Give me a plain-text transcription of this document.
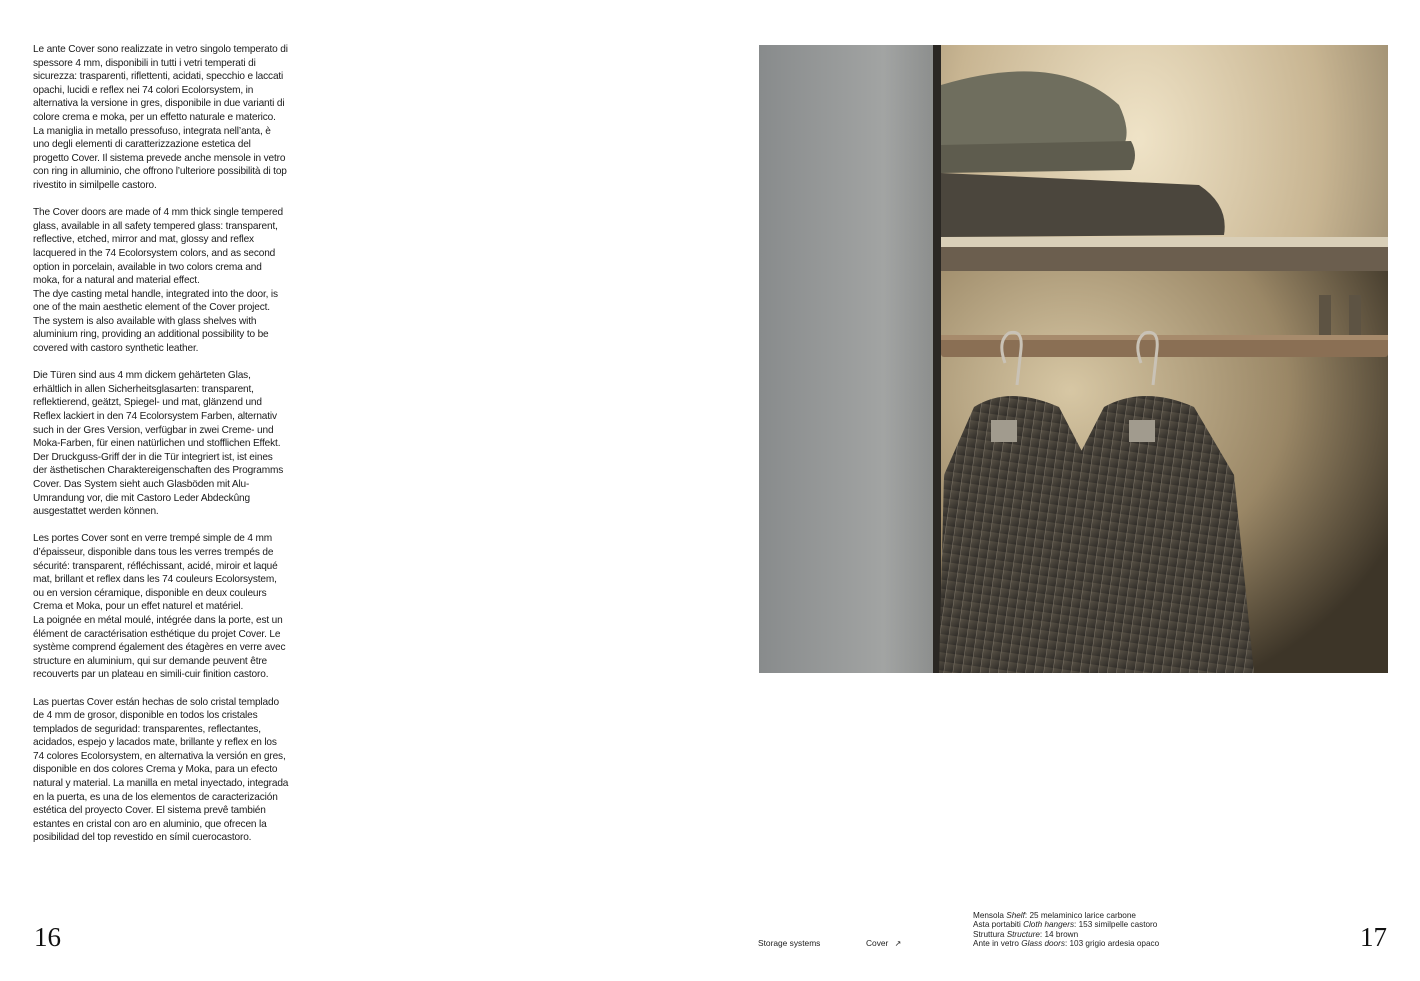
Le ante Cover sono realizzate in vetro singolo temperato di spessore 4 mm, disponibili in tutti i vetri temperati di sicurezza: trasparenti, riflettenti, acidati, specchio e laccati opachi, lucidi e reflex nei 74 colori Ecolorsystem, in alternativa la versione in gres, disponibile in due varianti di colore crema e moka, per un effetto naturale e materico. La maniglia in metallo pressofuso, integrata nell’anta, è uno degli elementi di caratterizzazione estetica del progetto Cover. Il sistema prevede anche mensole in vetro con ring in alluminio, che offrono l’ulteriore possibilità di top rivestito in similpelle castoro.

The Cover doors are made of 4 mm thick single tempered glass, available in all safety tempered glass: transparent, reflective, etched, mirror and mat, glossy and reflex lacquered in the 74 Ecolorsystem colors, and as second option in porcelain, available in two colors crema and moka, for a natural and material effect.
The dye casting metal handle, integrated into the door, is one of the main aesthetic element of the Cover project. The system is also available with glass shelves with aluminium ring, providing an additional possibility to be covered with castoro synthetic leather.

Die Türen sind aus 4 mm dickem gehärteten Glas, erhältlich in allen Sicherheitsglasarten: transparent, reflektierend, geätzt, Spiegel- und mat, glänzend und Reflex lackiert in den 74 Ecolorsystem Farben, alternativ such in der Gres Version, verfügbar in zwei Creme- und Moka-Farben, für einen natürlichen und stofflichen Effekt. Der Druckguss-Griff der in die Tür integriert ist, ist eines der ästhetischen Charaktereigenschaften des Programms Cover. Das System sieht auch Glasböden mit Alu-Umrandung vor, die mit Castoro Leder Abdeckûng ausgestattet werden können.

Les portes Cover sont en verre trempé simple de 4 mm d’épaisseur, disponible dans tous les verres trempés de sécurité: transparent, réfléchissant, acidé, miroir et laqué mat, brillant et reflex dans les 74 couleurs Ecolorsystem, ou en version céramique, disponible en deux couleurs Crema et Moka, pour un effet naturel et matériel.
La poignée en métal moulé, intégrée dans la porte, est un élément de caractérisation esthétique du projet Cover. Le système comprend également des étagères en verre avec structure en aluminium, qui sur demande peuvent être recouverts par un plateau en simili-cuir finition castoro.

Las puertas Cover están hechas de solo cristal templado de 4 mm de grosor, disponible en todos los cristales templados de seguridad: transparentes, reflectantes, acidados, espejo y lacados mate, brillante y reflex en los 74 colores Ecolorsystem, en alternativa la versión en gres, disponible en dos colores Crema y Moka, para un efecto natural y material. La manilla en metal inyectado, integrada en la puerta, es una de los elementos de caracterización estética del proyecto Cover. El sistema prevê también estantes en cristal con aro en aluminio, que ofrecen la posibilidad del top revestido en símil cuerocastoro.

16	17
Storage systems	Cover ↗
Mensola Shelf: 25 melaminico larice carbone
Asta portabiti Cloth hangers: 153 similpelle castoro
Struttura Structure: 14 brown
Ante in vetro Glass doors: 103 grigio ardesia opaco
